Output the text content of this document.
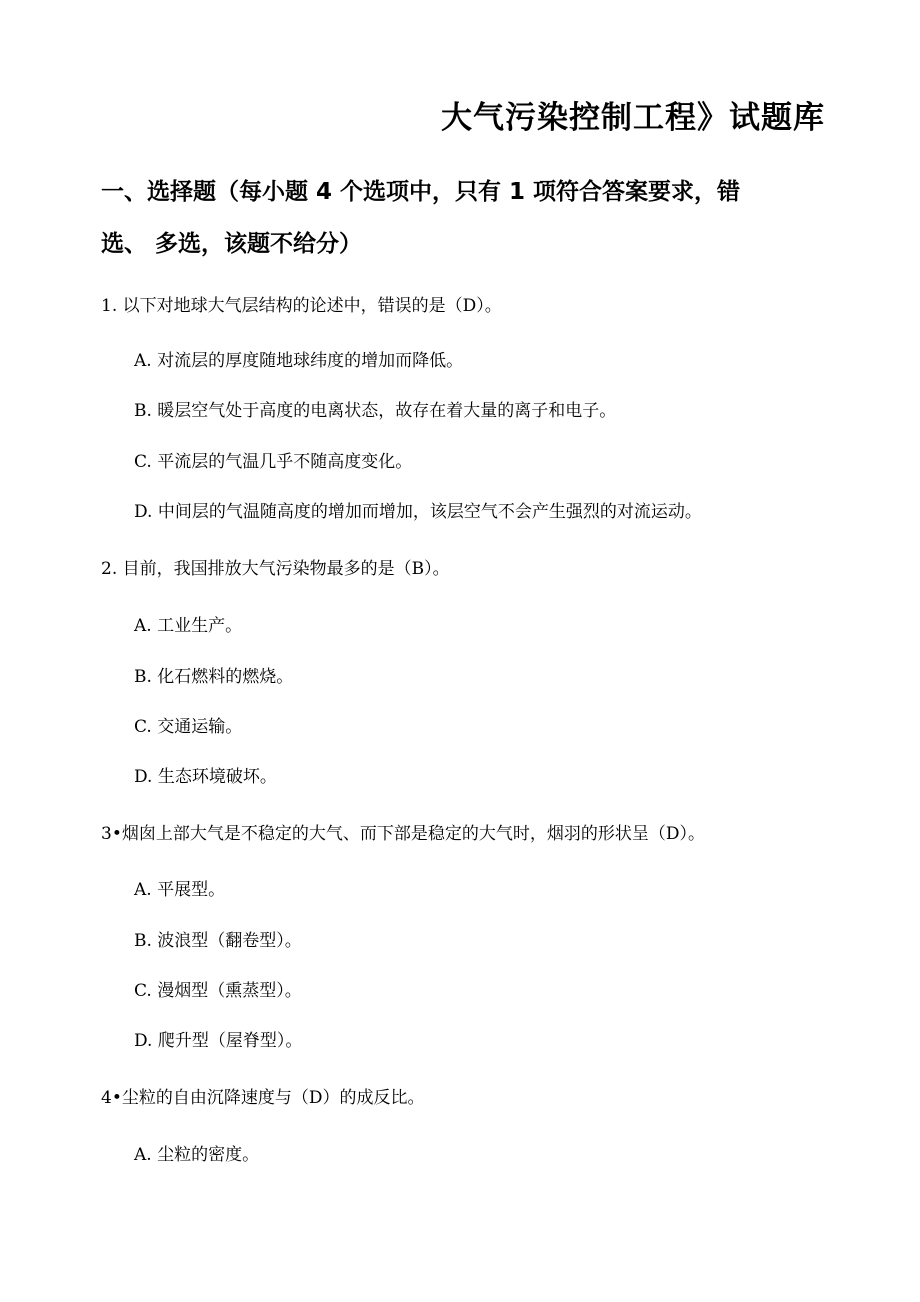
大气污染控制工程》试题库
一、选择题（每小题 4 个选项中，只有 1 项符合答案要求，错
选、 多选，该题不给分）
1. 以下对地球大气层结构的论述中，错误的是（D）。
A. 对流层的厚度随地球纬度的增加而降低。
B. 暖层空气处于高度的电离状态，故存在着大量的离子和电子。
C. 平流层的气温几乎不随高度变化。
D. 中间层的气温随高度的增加而增加，该层空气不会产生强烈的对流运动。
2. 目前，我国排放大气污染物最多的是（B）。
A. 工业生产。
B. 化石燃料的燃烧。
C. 交通运输。
D. 生态环境破坏。
3•烟囱上部大气是不稳定的大气、而下部是稳定的大气时，烟羽的形状呈（D）。
A. 平展型。
B. 波浪型（翻卷型）。
C. 漫烟型（熏蒸型）。
D. 爬升型（屋脊型）。
4•尘粒的自由沉降速度与（D）的成反比。
A. 尘粒的密度。
